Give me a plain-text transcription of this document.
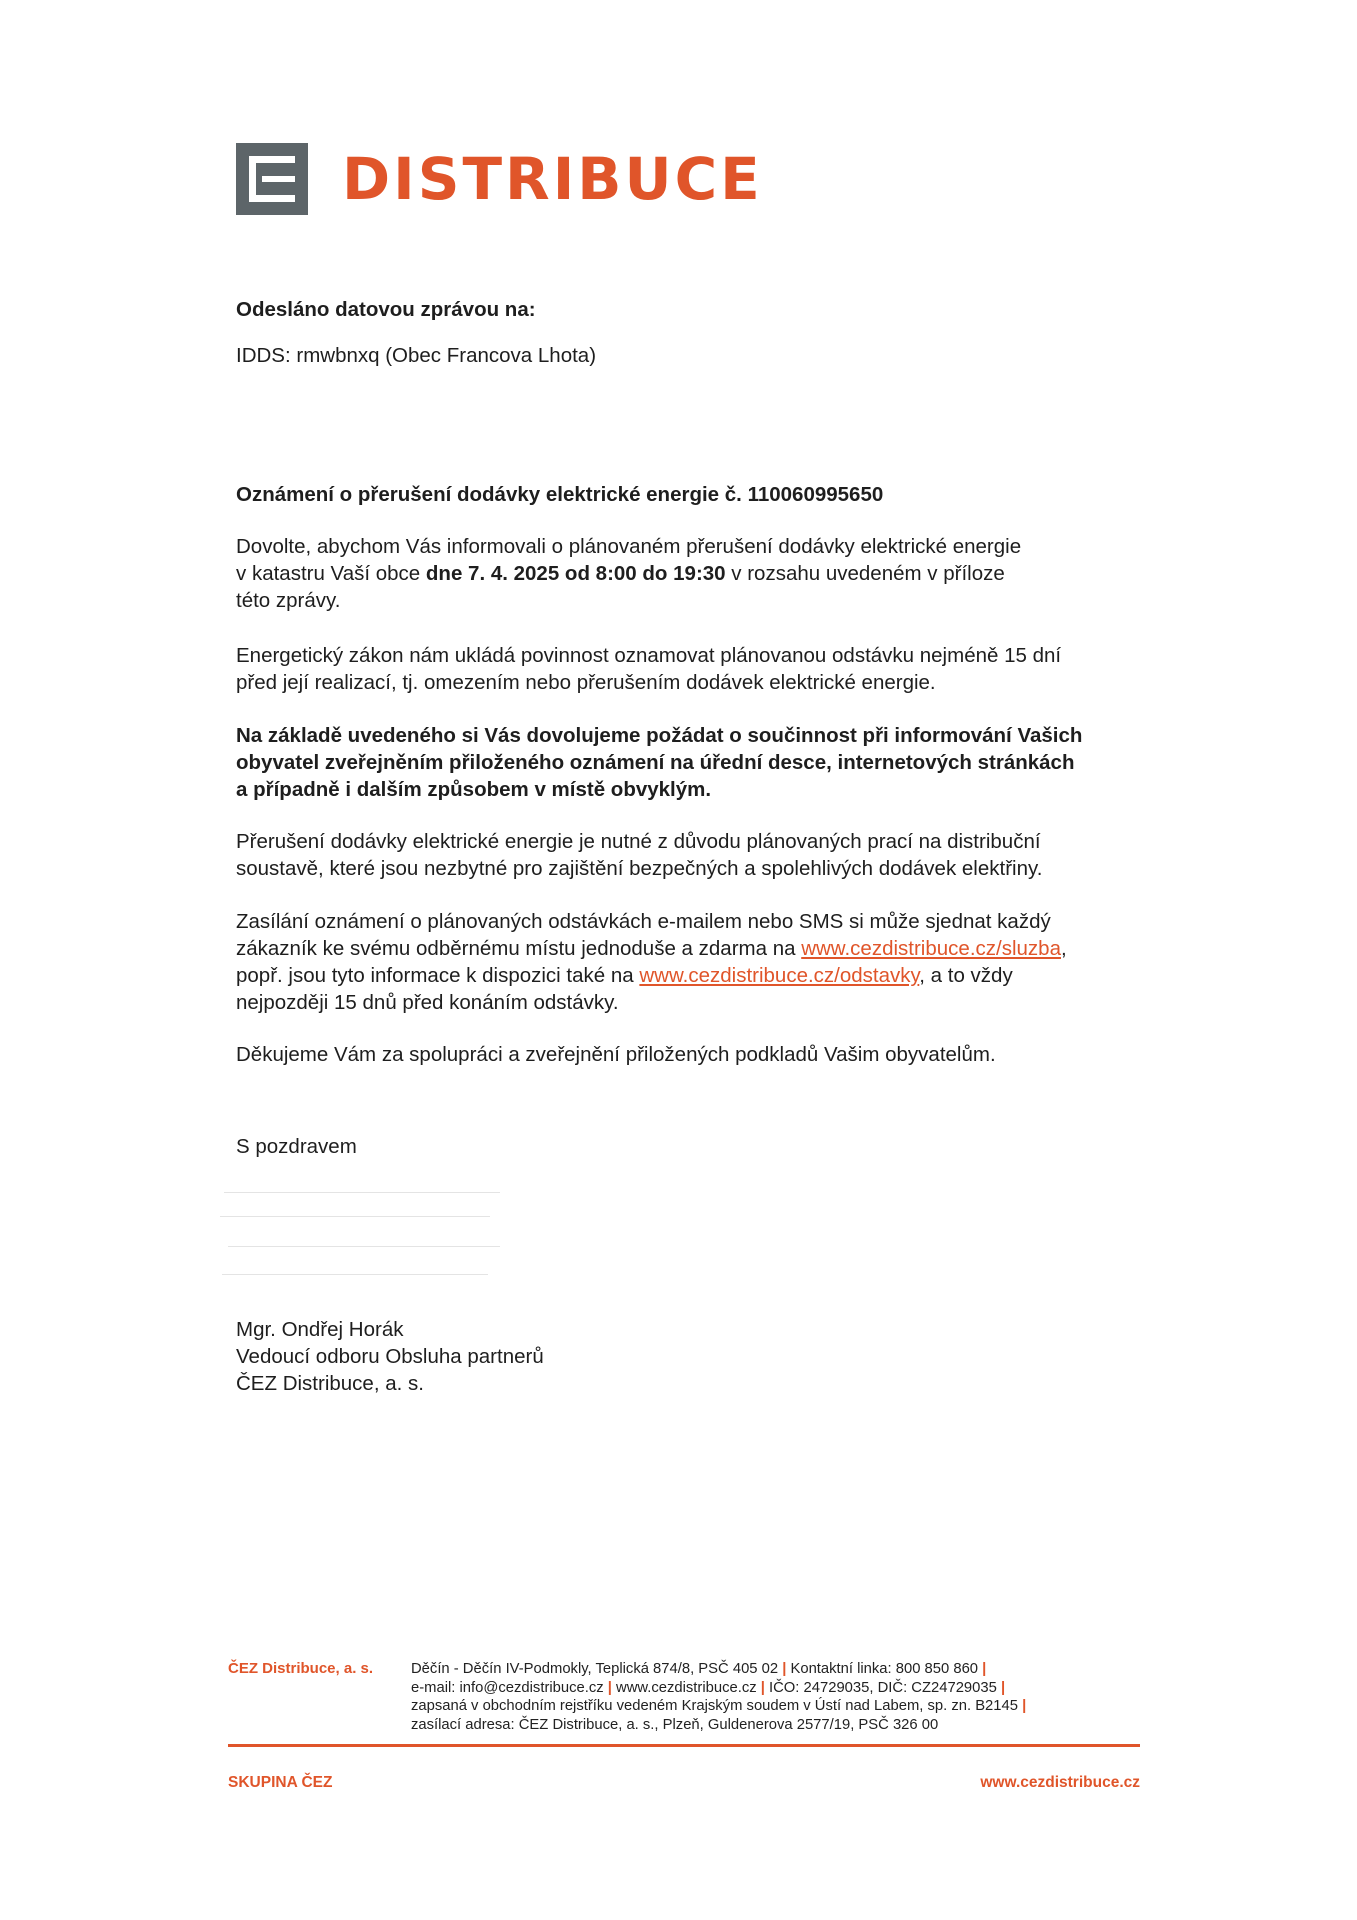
DISTRIBUCE
Odesláno datovou zprávou na:
IDDS: rmwbnxq (Obec Francova Lhota)
Oznámení o přerušení dodávky elektrické energie č. 110060995650
Dovolte, abychom Vás informovali o plánovaném přerušení dodávky elektrické energie
v katastru Vaší obce dne 7. 4. 2025 od 8:00 do 19:30 v rozsahu uvedeném v příloze
této zprávy.
Energetický zákon nám ukládá povinnost oznamovat plánovanou odstávku nejméně 15 dní
před její realizací, tj. omezením nebo přerušením dodávek elektrické energie.
Na základě uvedeného si Vás dovolujeme požádat o součinnost při informování Vašich
obyvatel zveřejněním přiloženého oznámení na úřední desce, internetových stránkách
a případně i dalším způsobem v místě obvyklým.
Přerušení dodávky elektrické energie je nutné z důvodu plánovaných prací na distribuční
soustavě, které jsou nezbytné pro zajištění bezpečných a spolehlivých dodávek elektřiny.
Zasílání oznámení o plánovaných odstávkách e-mailem nebo SMS si může sjednat každý
zákazník ke svému odběrnému místu jednoduše a zdarma na www.cezdistribuce.cz/sluzba,
popř. jsou tyto informace k dispozici také na www.cezdistribuce.cz/odstavky, a to vždy
nejpozději 15 dnů před konáním odstávky.
Děkujeme Vám za spolupráci a zveřejnění přiložených podkladů Vašim obyvatelům.
S pozdravem
Mgr. Ondřej Horák
Vedoucí odboru Obsluha partnerů
ČEZ Distribuce, a. s.
ČEZ Distribuce, a. s.	Děčín - Děčín IV-Podmokly, Teplická 874/8, PSČ 405 02 | Kontaktní linka: 800 850 860 |
e-mail: info@cezdistribuce.cz | www.cezdistribuce.cz | IČO: 24729035, DIČ: CZ24729035 |
zapsaná v obchodním rejstříku vedeném Krajským soudem v Ústí nad Labem, sp. zn. B2145 |
zasílací adresa: ČEZ Distribuce, a. s., Plzeň, Guldenerova 2577/19, PSČ 326 00
SKUPINA ČEZ	www.cezdistribuce.cz
